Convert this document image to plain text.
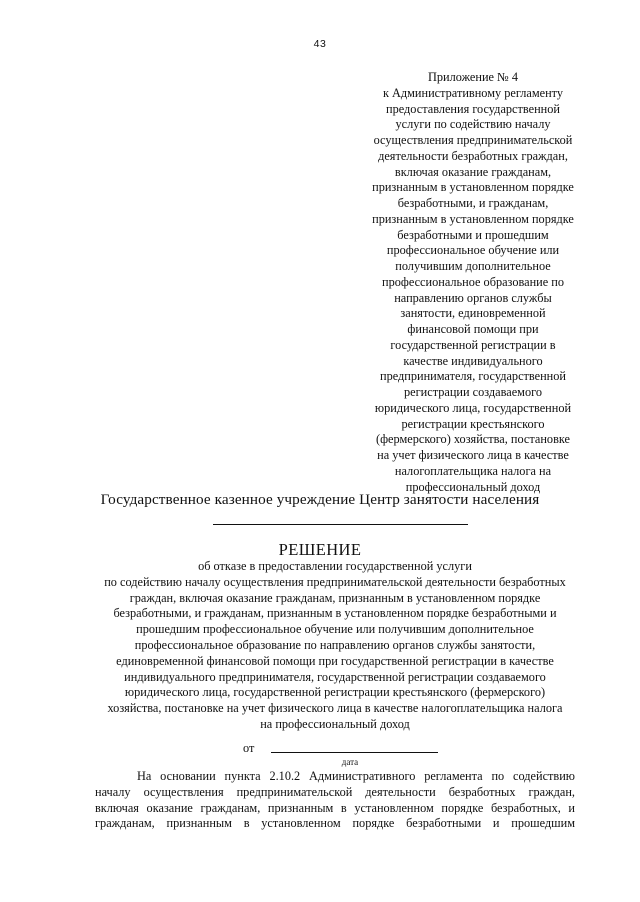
43
Приложение № 4
к Административному регламенту
предоставления государственной
услуги по содействию началу
осуществления предпринимательской
деятельности безработных граждан,
включая оказание гражданам,
признанным в установленном порядке
безработными, и гражданам,
признанным в установленном порядке
безработными и прошедшим
профессиональное обучение или
получившим дополнительное
профессиональное образование по
направлению органов службы
занятости, единовременной
финансовой помощи при
государственной регистрации в
качестве индивидуального
предпринимателя, государственной
регистрации создаваемого
юридического лица, государственной
регистрации крестьянского
(фермерского) хозяйства, постановке
на учет физического лица в качестве
налогоплательщика налога на
профессиональный доход
Государственное казенное учреждение Центр занятости населения
РЕШЕНИЕ
об отказе в предоставлении государственной услуги
по содействию началу осуществления предпринимательской деятельности безработных
граждан, включая оказание гражданам, признанным в установленном порядке
безработными, и гражданам, признанным в установленном порядке безработными и
прошедшим профессиональное обучение или получившим дополнительное
профессиональное образование по направлению органов службы занятости,
единовременной финансовой помощи при государственной регистрации в качестве
индивидуального предпринимателя, государственной регистрации создаваемого
юридического лица, государственной регистрации крестьянского (фермерского)
хозяйства, постановке на учет физического лица в качестве налогоплательщика налога
на профессиональный доход
от
дата
На основании пункта 2.10.2 Административного регламента по содействию
началу осуществления предпринимательской деятельности безработных граждан,
включая оказание гражданам, признанным в установленном порядке безработных, и
гражданам, признанным в установленном порядке безработными и прошедшим
